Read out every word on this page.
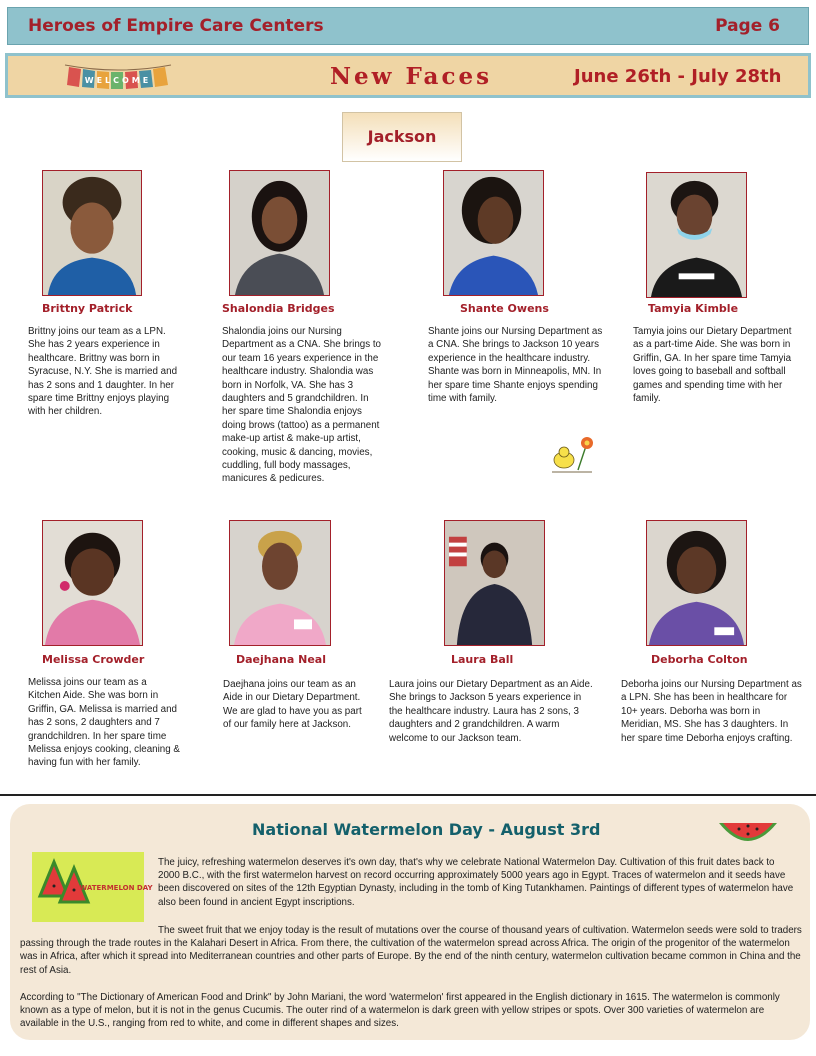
Heroes of Empire Care Centers	Page 6
WELCOME	New Faces	June 26th - July 28th
Jackson
Brittny Patrick
Brittny joins our team as a LPN. She has 2 years experience in healthcare. Brittny was born in Syracuse, N.Y. She is married and has 2 sons and 1 daughter. In her spare time Brittny enjoys playing with her children.
Shalondia Bridges
Shalondia joins our Nursing Department as a CNA. She brings to our team 16 years experience in the healthcare industry. Shalondia was born in Norfolk, VA. She has 3 daughters and 5 grandchildren. In her spare time Shalondia enjoys doing brows (tattoo) as a permanent make-up artist & make-up artist, cooking, music & dancing, movies, cuddling, full body massages, manicures & pedicures.
Shante Owens
Shante joins our Nursing Department as a CNA. She brings to Jackson 10 years experience in the healthcare industry. Shante was born in Minneapolis, MN. In her spare time Shante enjoys spending time with family.
Tamyia Kimble
Tamyia joins our Dietary Department as a part-time Aide. She was born in Griffin, GA. In her spare time Tamyia loves going to baseball and softball games and spending time with her family.
Melissa Crowder
Melissa joins our team as a Kitchen Aide. She was born in Griffin, GA. Melissa is married and has 2 sons, 2 daughters and 7 grandchildren. In her spare time Melissa enjoys cooking, cleaning & having fun with her family.
Daejhana Neal
Daejhana joins our team as an Aide in our Dietary Department. We are glad to have you as part of our family here at Jackson.
Laura Ball
Laura joins our Dietary Department as an Aide. She brings to Jackson 5 years experience in the healthcare industry. Laura has 2 sons, 3 daughters and 2 grandchildren. A warm welcome to our Jackson team.
Deborha Colton
Deborha joins our Nursing Department as a LPN. She has been in healthcare for 10+ years. Deborha was born in Meridian, MS. She has 3 daughters. In her spare time Deborha enjoys crafting.
National Watermelon Day - August 3rd
WATERMELON DAY
The juicy, refreshing watermelon deserves it's own day, that's why we celebrate National Watermelon Day. Cultivation of this fruit dates back to 2000 B.C., with the first watermelon harvest on record occurring approximately 5000 years ago in Egypt. Traces of watermelon and it seeds have been discovered on sites of the 12th Egyptian Dynasty, including in the tomb of King Tutankhamen. Paintings of different types of watermelon have also been found in ancient Egypt inscriptions.
The sweet fruit that we enjoy today is the result of mutations over the course of thousand years of cultivation. Watermelon seeds were sold to traders passing through the trade routes in the Kalahari Desert in Africa. From there, the cultivation of the watermelon spread across Africa. The origin of the progenitor of the watermelon was in Africa, after which it spread into Mediterranean countries and other parts of Europe. By the end of the ninth century, watermelon cultivation became common in China and the rest of Asia.
According to "The Dictionary of American Food and Drink" by John Mariani, the word 'watermelon' first appeared in the English dictionary in 1615. The watermelon is commonly known as a type of melon, but it is not in the genus Cucumis. The outer rind of a watermelon is dark green with yellow stripes or spots. Over 300 varieties of watermelon are available in the U.S., ranging from red to white, and come in different shapes and sizes.
